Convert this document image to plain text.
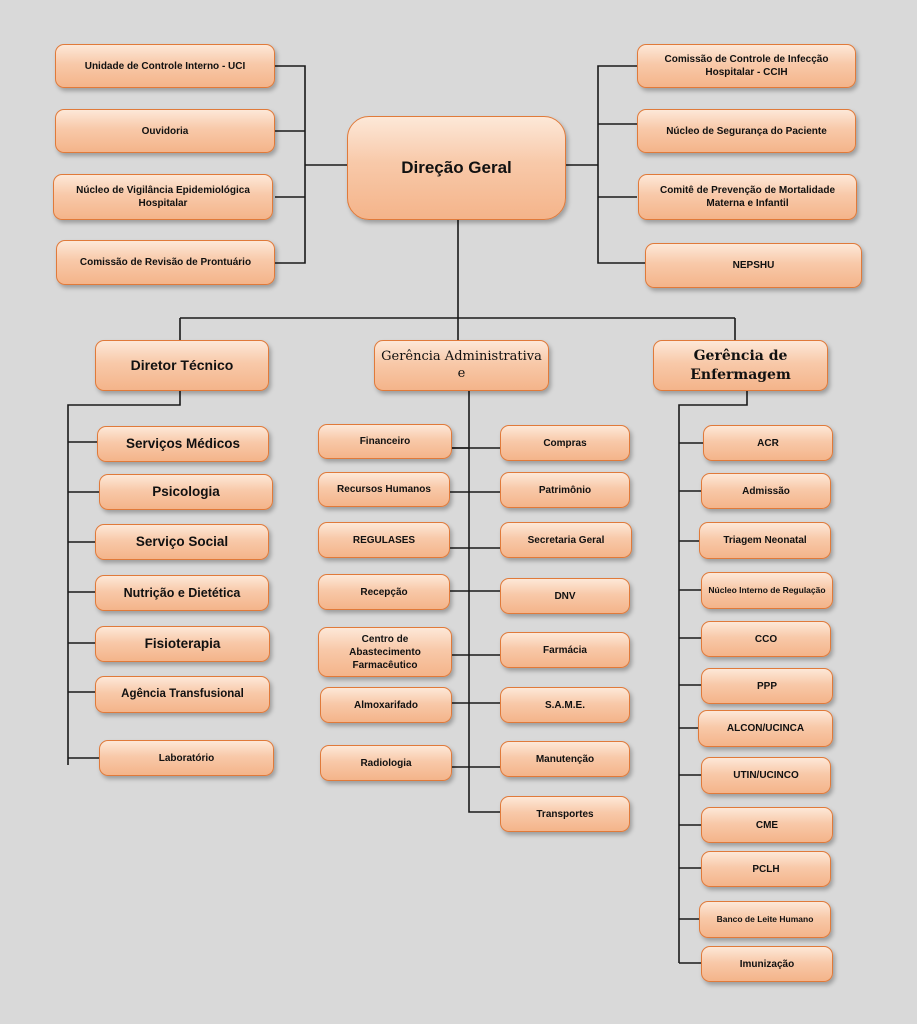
Direção Geral
Unidade de Controle Interno - UCI
Ouvidoria
Núcleo de Vigilância Epidemiológica Hospitalar
Comissão de Revisão de Prontuário
Comissão de Controle de Infecção Hospitalar - CCIH
Núcleo de Segurança do Paciente
Comitê de Prevenção de Mortalidade Materna e Infantil
NEPSHU
Diretor Técnico
Gerência Administrativa e
Gerência de Enfermagem
Serviços Médicos
Psicologia
Serviço Social
Nutrição e Dietética
Fisioterapia
Agência Transfusional
Laboratório
Financeiro
Recursos Humanos
REGULASES
Recepção
Centro de Abastecimento Farmacêutico
Almoxarifado
Radiologia
Compras
Patrimônio
Secretaria Geral
DNV
Farmácia
S.A.M.E.
Manutenção
Transportes
ACR
Admissão
Triagem Neonatal
Núcleo Interno de Regulação
CCO
PPP
ALCON/UCINCA
UTIN/UCINCO
CME
PCLH
Banco de Leite Humano
Imunização
